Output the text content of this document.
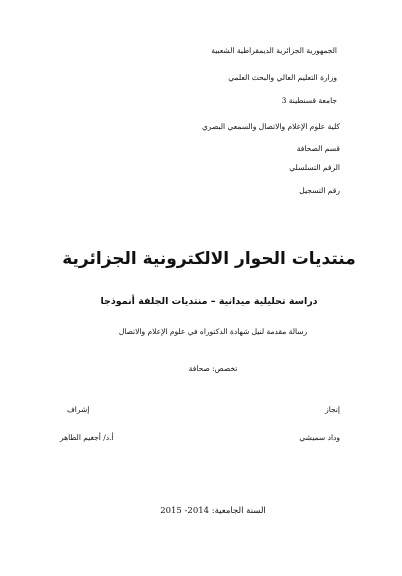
الجمهورية الجزائرية الديمقراطية الشعبية
وزارة التعليم العالي والبحث العلمي
جامعة قسنطينة 3
كلية علوم الإعلام والاتصال والسمعي البصري
قسم الصحافة
الرقم التسلسلي
رقم التسجيل
منتديات الحوار الالكترونية الجزائرية
دراسة تحليلية ميدانية – منتديات الجلفة أنموذجا
رسالة مقدمة لنيل شهادة الدكتوراه في علوم الإعلام والاتصال
تخصص: صحافة
إنجاز
وداد سميشي
إشراف
أ.د/ أجغيم الطاهر
السنة الجامعية: 2014- 2015
